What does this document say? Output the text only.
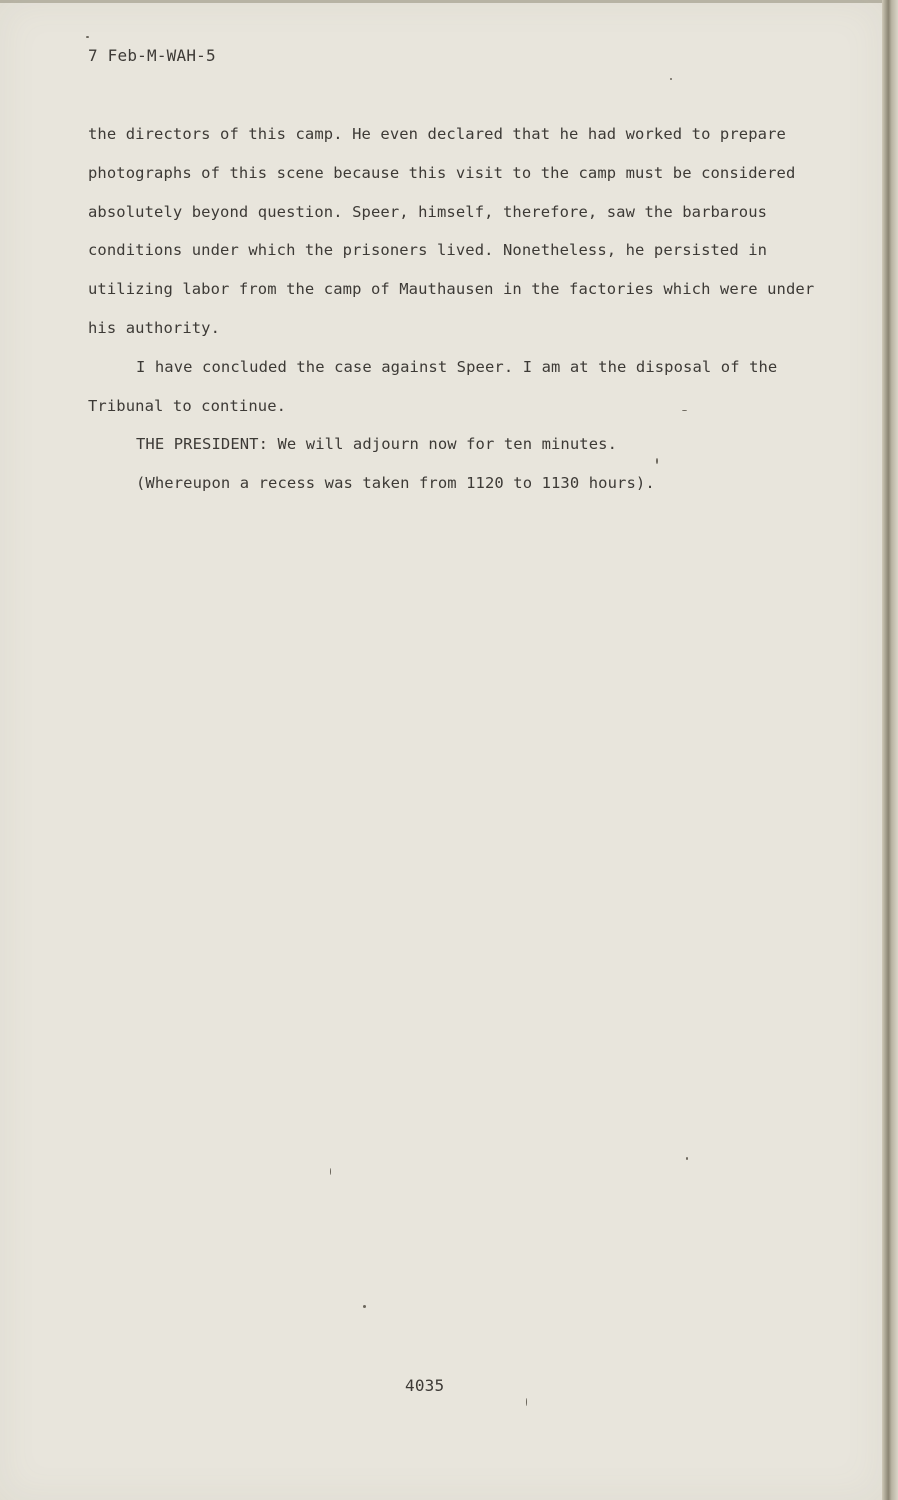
7 Feb-M-WAH-5
the directors of this camp. He even declared that he had worked to prepare
photographs of this scene because this visit to the camp must be considered
absolutely beyond question. Speer, himself, therefore, saw the barbarous
conditions under which the prisoners lived. Nonetheless, he persisted in
utilizing labor from the camp of Mauthausen in the factories which were under
his authority.
I have concluded the case against Speer. I am at the disposal of the
Tribunal to continue.
THE PRESIDENT: We will adjourn now for ten minutes.
(Whereupon a recess was taken from 1120 to 1130 hours).
4035
